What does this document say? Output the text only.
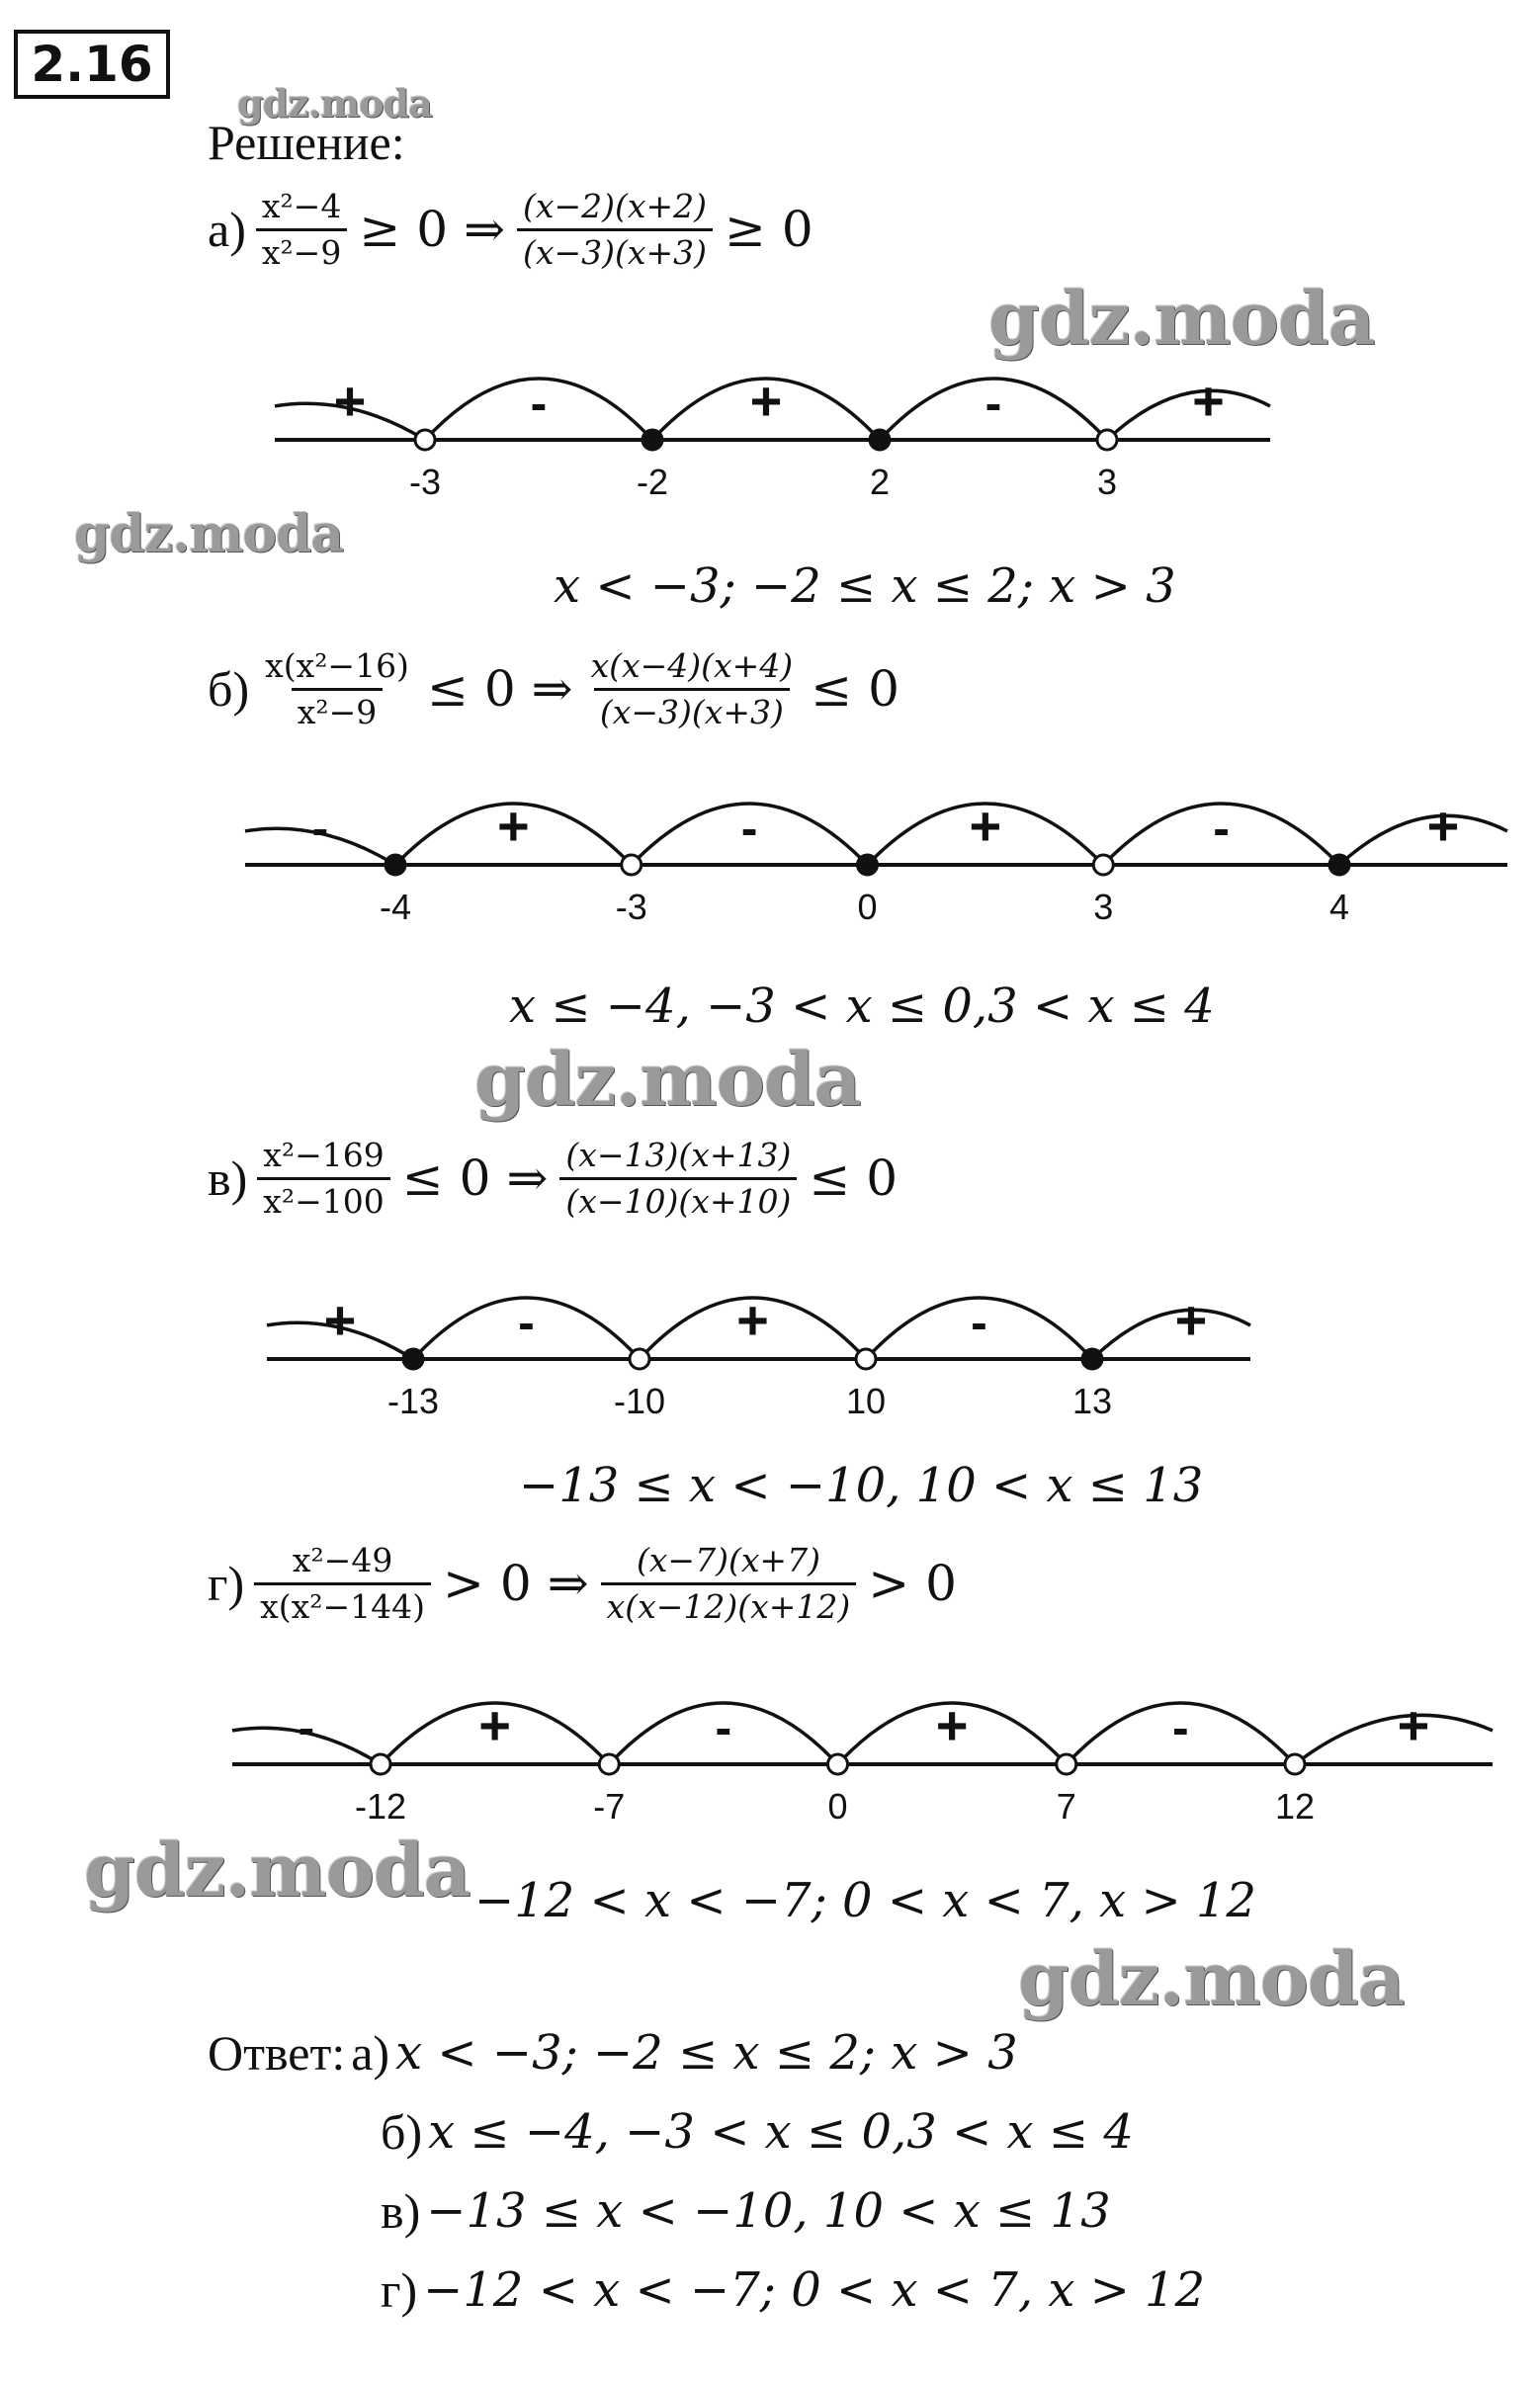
2.16
Решение:
gdz.moda
gdz.moda
gdz.moda
gdz.moda
gdz.moda
gdz.moda
$а) \frac{\text{x²−4}}{\text{x²−9}} \ge 0$ ⇒ $\frac{(x-2)(x+2)}{(x-3)(x+3)} \ge 0$
+	-	+	-	+
-3	-2	2	3
x < −3; −2 ≤ x ≤ 2; x > 3
$б) \frac{\text{x(x²−16)}}{\text{x²−9}} \le 0$ ⇒ $\frac{x(x-4)(x+4)}{(x-3)(x+3)} \le 0$
-	+	-	+	-	+
-4	-3	0	3	4
x ≤ −4, −3 < x ≤ 0,3 < x ≤ 4
$в) \frac{\text{x²−169}}{\text{x²−100}} \le 0$ ⇒ $\frac{(x-13)(x+13)}{(x-10)(x+10)} \le 0$
+	-	+	-	+
-13	-10	10	13
−13 ≤ x < −10, 10 < x ≤ 13
$г) \frac{\text{x²−49}}{\text{x(x²−144)}} > 0$ ⇒ $\frac{(x-7)(x+7)}{x(x-12)(x+12)} > 0$
-	+	-	+	-	+
-12	-7	0	7	12
−12 < x < −7; 0 < x < 7, x > 12
Ответ: а) x < −3; −2 ≤ x ≤ 2; x > 3
б) x ≤ −4, −3 < x ≤ 0,3 < x ≤ 4
в) −13 ≤ x < −10, 10 < x ≤ 13
г) −12 < x < −7; 0 < x < 7, x > 12
